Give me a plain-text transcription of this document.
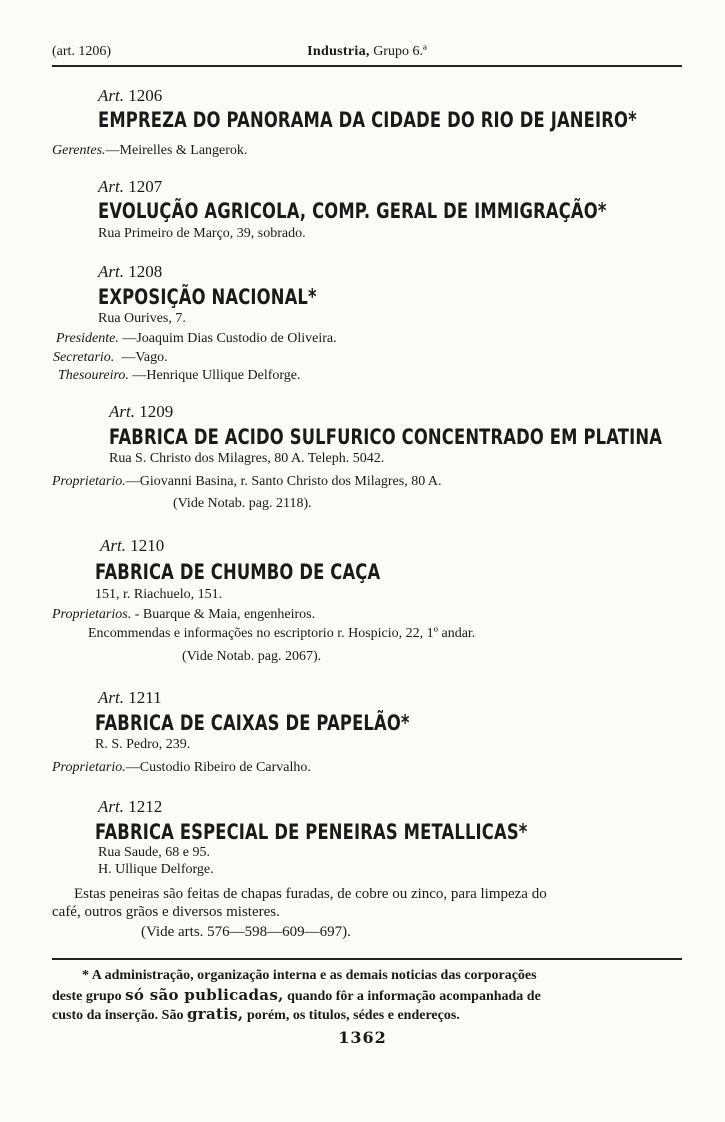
(art. 1206)	Industria, Grupo 6.ª
Art. 1206
EMPREZA DO PANORAMA DA CIDADE DO RIO DE JANEIRO*
Gerentes.—Meirelles & Langerok.
Art. 1207
EVOLUÇÃO AGRICOLA, COMP. GERAL DE IMMIGRAÇÃO*
Rua Primeiro de Março, 39, sobrado.
Art. 1208
EXPOSIÇÃO NACIONAL*
Rua Ourives, 7.
Presidente. —Joaquim Dias Custodio de Oliveira.
Secretario. —Vago.
Thesoureiro. —Henrique Ullique Delforge.
Art. 1209
FABRICA DE ACIDO SULFURICO CONCENTRADO EM PLATINA
Rua S. Christo dos Milagres, 80 A. Teleph. 5042.
Proprietario.—Giovanni Basina, r. Santo Christo dos Milagres, 80 A.
(Vide Notab. pag. 2118).
Art. 1210
FABRICA DE CHUMBO DE CAÇA
151, r. Riachuelo, 151.
Proprietarios. - Buarque & Maia, engenheiros.
Encommendas e informações no escriptorio r. Hospicio, 22, 1º andar.
(Vide Notab. pag. 2067).
Art. 1211
FABRICA DE CAIXAS DE PAPELÃO*
R. S. Pedro, 239.
Proprietario.—Custodio Ribeiro de Carvalho.
Art. 1212
FABRICA ESPECIAL DE PENEIRAS METALLICAS*
Rua Saude, 68 e 95.
H. Ullique Delforge.
Estas peneiras são feitas de chapas furadas, de cobre ou zinco, para limpeza do
café, outros grãos e diversos misteres.
(Vide arts. 576—598—609—697).
* A administração, organização interna e as demais noticias das corporações
deste grupo só são publicadas, quando fôr a informação acompanhada de
custo da inserção. São gratis, porém, os titulos, sédes e endereços.
1362
